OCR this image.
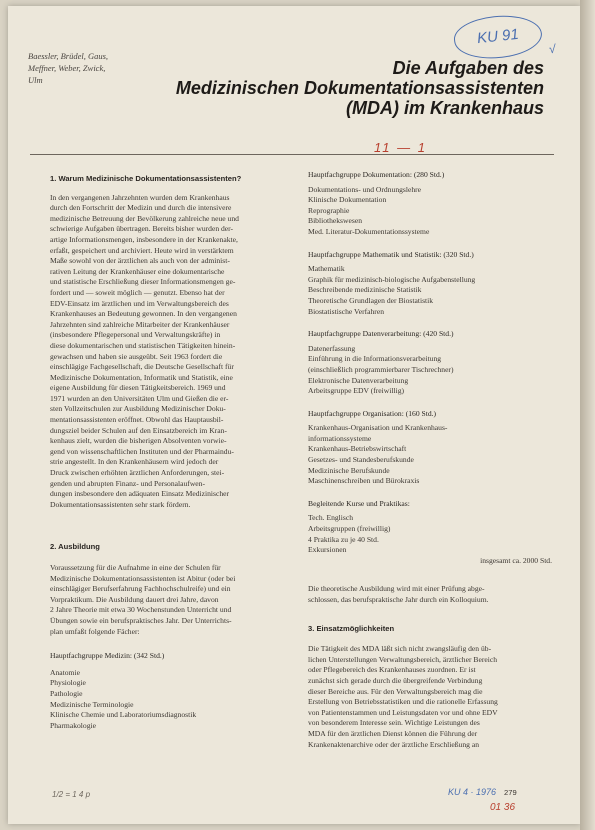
Baessler, Brüdel, Gaus,
Meffner, Weber, Zwick,
Ulm
Die Aufgaben des
Medizinischen Dokumentationsassistenten
(MDA) im Krankenhaus
KU 91
√
11 — 1
1. Warum Medizinische Dokumentationsassistenten?
In den vergangenen Jahrzehnten wurden dem Krankenhaus
durch den Fortschritt der Medizin und durch die intensivere
medizinische Betreuung der Bevölkerung zahlreiche neue und
schwierige Aufgaben übertragen. Bereits bisher wurden der-
artige Informationsmengen, insbesondere in der Krankenakte,
erfaßt, gespeichert und archiviert. Heute wird in verstärktem
Maße sowohl von der ärztlichen als auch von der administ-
rativen Leitung der Krankenhäuser eine dokumentarische
und statistische Erschließung dieser Informationsmengen ge-
fordert und — soweit möglich — genutzt. Ebenso hat der
EDV-Einsatz im ärztlichen und im Verwaltungsbereich des
Krankenhauses an Bedeutung gewonnen. In den vergangenen
Jahrzehnten sind zahlreiche Mitarbeiter der Krankenhäuser
(insbesondere Pflegepersonal und Verwaltungskräfte) in
diese dokumentarischen und statistischen Tätigkeiten hinein-
gewachsen und haben sie ausgeübt. Seit 1963 fordert die
einschlägige Fachgesellschaft, die Deutsche Gesellschaft für
Medizinische Dokumentation, Informatik und Statistik, eine
eigene Ausbildung für diesen Tätigkeitsbereich. 1969 und
1971 wurden an den Universitäten Ulm und Gießen die er-
sten Vollzeitschulen zur Ausbildung Medizinischer Doku-
mentationsassistenten eröffnet. Obwohl das Hauptausbil-
dungsziel beider Schulen auf den Einsatzbereich im Kran-
kenhaus zielt, wurden die bisherigen Absolventen vorwie-
gend von wissenschaftlichen Instituten und der Pharmaindu-
strie angestellt. In den Krankenhäusern wird jedoch der
Druck zwischen erhöhten ärztlichen Anforderungen, stei-
genden und abrupten Finanz- und Personalaufwen-
dungen insbesondere den adäquaten Einsatz Medizinischer
Dokumentationsassistenten sehr stark fördern.
2. Ausbildung
Voraussetzung für die Aufnahme in eine der Schulen für
Medizinische Dokumentationsassistenten ist Abitur (oder bei
einschlägiger Berufserfahrung Fachhochschulreife) und ein
Vorpraktikum. Die Ausbildung dauert drei Jahre, davon
2 Jahre Theorie mit etwa 30 Wochenstunden Unterricht und
Übungen sowie ein berufspraktisches Jahr. Der Unterrichts-
plan umfaßt folgende Fächer:
Hauptfachgruppe Medizin: (342 Std.)
Anatomie
Physiologie
Pathologie
Medizinische Terminologie
Klinische Chemie und Laboratoriumsdiagnostik
Pharmakologie
Hauptfachgruppe Dokumentation: (280 Std.)
Dokumentations- und Ordnungslehre
Klinische Dokumentation
Reprographie
Bibliothekswesen
Med. Literatur-Dokumentationssysteme
Hauptfachgruppe Mathematik und Statistik: (320 Std.)
Mathematik
Graphik für medizinisch-biologische Aufgabenstellung
Beschreibende medizinische Statistik
Theoretische Grundlagen der Biostatistik
Biostatistische Verfahren
Hauptfachgruppe Datenverarbeitung: (420 Std.)
Datenerfassung
Einführung in die Informationsverarbeitung
(einschließlich programmierbarer Tischrechner)
Elektronische Datenverarbeitung
Arbeitsgruppe EDV (freiwillig)
Hauptfachgruppe Organisation: (160 Std.)
Krankenhaus-Organisation und Krankenhaus-
informationssysteme
Krankenhaus-Betriebswirtschaft
Gesetzes- und Standesberufskunde
Medizinische Berufskunde
Maschinenschreiben und Bürokraxis
Begleitende Kurse und Praktikas:
Tech. Englisch
Arbeitsgruppen (freiwillig)
4 Praktika zu je 40 Std.
Exkursionen
insgesamt ca. 2000 Std.
Die theoretische Ausbildung wird mit einer Prüfung abge-
schlossen, das berufspraktische Jahr durch ein Kolloquium.
3. Einsatzmöglichkeiten
Die Tätigkeit des MDA läßt sich nicht zwangsläufig den üb-
lichen Unterstellungen Verwaltungsbereich, ärztlicher Bereich
oder Pflegebereich des Krankenhauses zuordnen. Er ist
zunächst sich gerade durch die übergreifende Verbindung
dieser Bereiche aus. Für den Verwaltungsbereich mag die
Erstellung von Betriebsstatistiken und die rationelle Erfassung
von Patientenstammen und Leistungsdaten vor und ohne EDV
von besonderem Interesse sein. Wichtige Leistungen des
MDA für den ärztlichen Dienst können die Führung der
Krankenaktenarchive oder der ärztliche Erschließung an
KU 4 · 1976 279
01 36
1/2 = 1 4 p
